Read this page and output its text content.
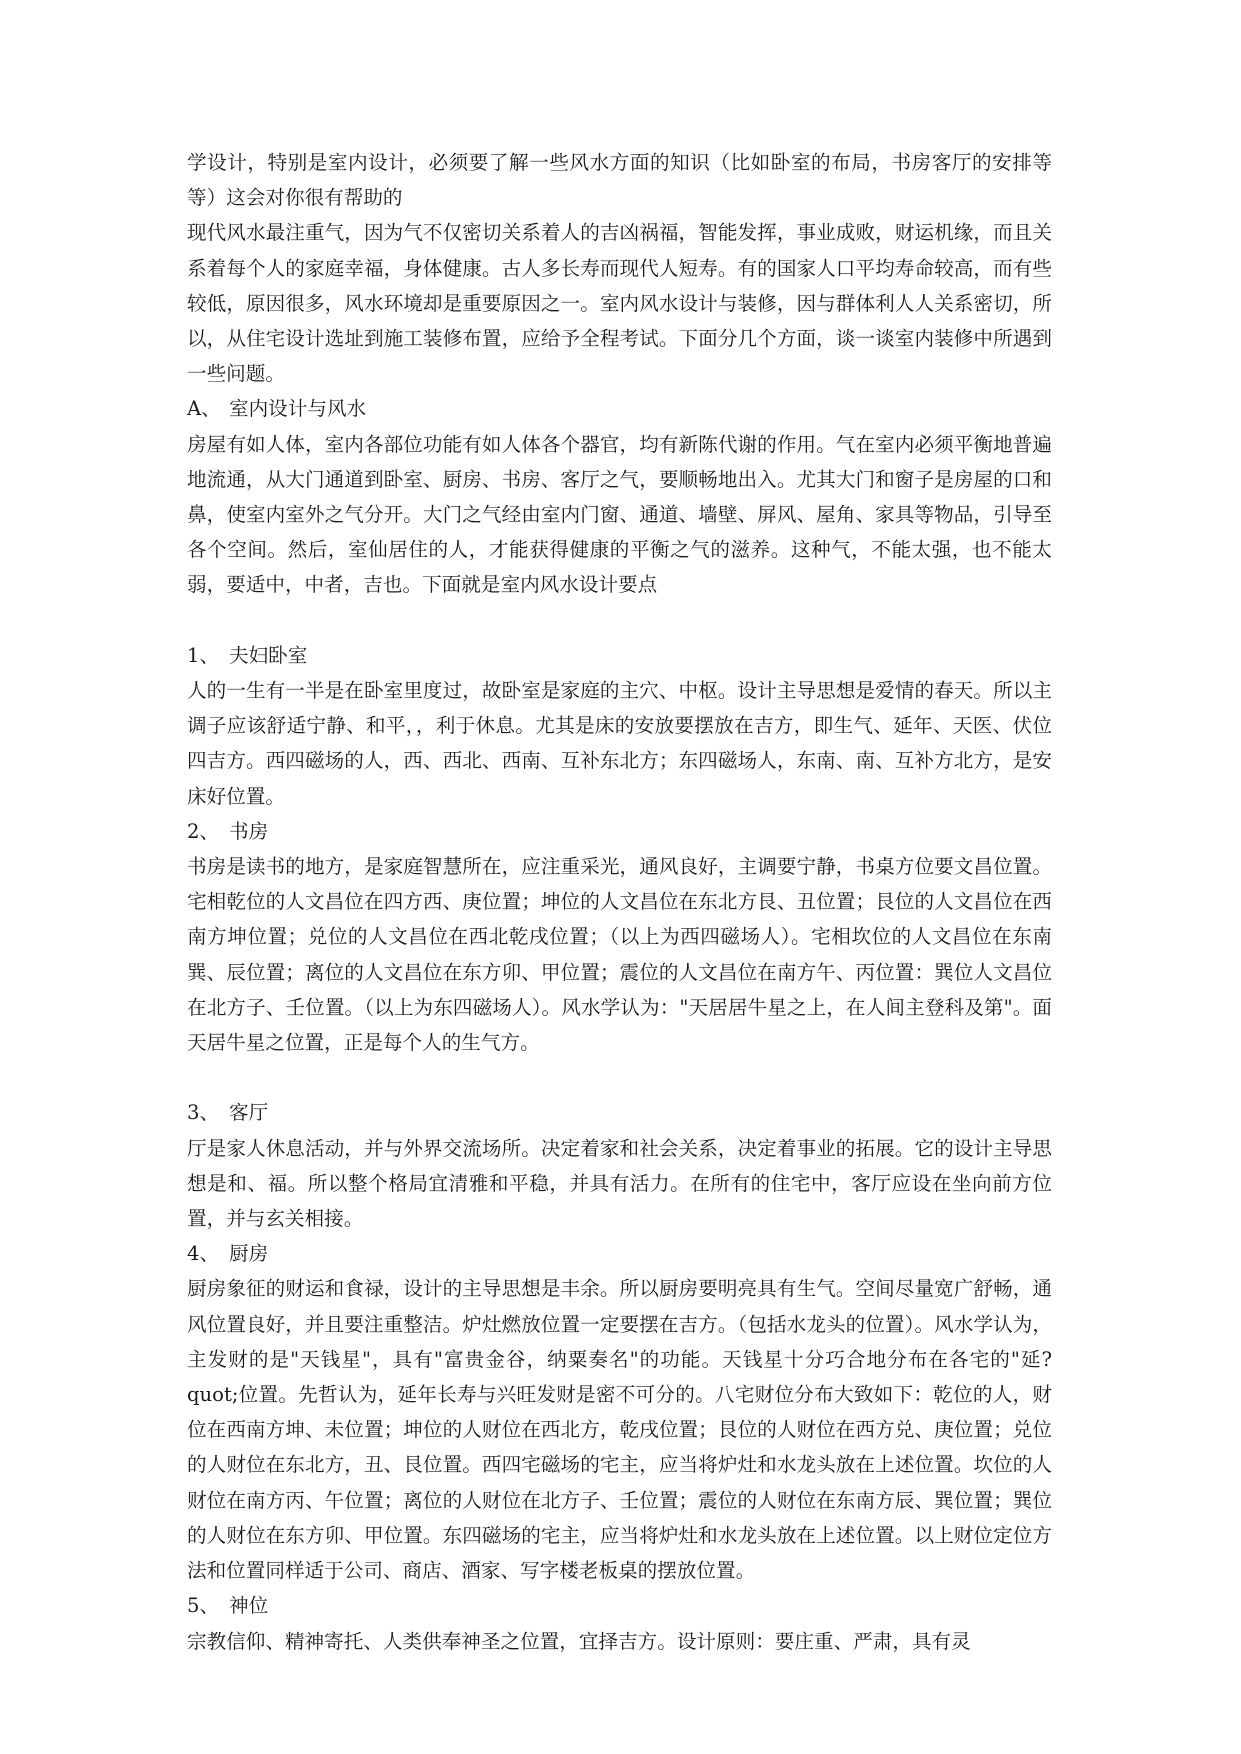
学设计，特别是室内设计，必须要了解一些风水方面的知识（比如卧室的布局，书房客厅的安排等等）这会对你很有帮助的

现代风水最注重气，因为气不仅密切关系着人的吉凶祸福，智能发挥，事业成败，财运机缘，而且关系着每个人的家庭幸福，身体健康。古人多长寿而现代人短寿。有的国家人口平均寿命较高，而有些较低，原因很多，风水环境却是重要原因之一。室内风水设计与装修，因与群体利人人关系密切，所以，从住宅设计选址到施工装修布置，应给予全程考试。下面分几个方面，谈一谈室内装修中所遇到一些问题。

A、 室内设计与风水

房屋有如人体，室内各部位功能有如人体各个器官，均有新陈代谢的作用。气在室内必须平衡地普遍地流通，从大门通道到卧室、厨房、书房、客厅之气，要顺畅地出入。尤其大门和窗子是房屋的口和鼻，使室内室外之气分开。大门之气经由室内门窗、通道、墙壁、屏风、屋角、家具等物品，引导至各个空间。然后，室仙居住的人，才能获得健康的平衡之气的滋养。这种气，不能太强，也不能太弱，要适中，中者，吉也。下面就是室内风水设计要点

1、 夫妇卧室

人的一生有一半是在卧室里度过，故卧室是家庭的主穴、中枢。设计主导思想是爱情的春天。所以主调子应该舒适宁静、和平，，利于休息。尤其是床的安放要摆放在吉方，即生气、延年、天医、伏位四吉方。西四磁场的人，西、西北、西南、互补东北方；东四磁场人，东南、南、互补方北方，是安床好位置。

2、 书房

书房是读书的地方，是家庭智慧所在，应注重采光，通风良好，主调要宁静，书桌方位要文昌位置。宅相乾位的人文昌位在四方西、庚位置；坤位的人文昌位在东北方艮、丑位置；艮位的人文昌位在西南方坤位置；兑位的人文昌位在西北乾戌位置；（以上为西四磁场人）。宅相坎位的人文昌位在东南巽、辰位置；离位的人文昌位在东方卯、甲位置；震位的人文昌位在南方午、丙位置：巽位人文昌位在北方子、壬位置。（以上为东四磁场人）。风水学认为："天居居牛星之上，在人间主登科及第"。面天居牛星之位置，正是每个人的生气方。

3、 客厅

厅是家人休息活动，并与外界交流场所。决定着家和社会关系，决定着事业的拓展。它的设计主导思想是和、福。所以整个格局宜清雅和平稳，并具有活力。在所有的住宅中，客厅应设在坐向前方位置，并与玄关相接。

4、 厨房

厨房象征的财运和食禄，设计的主导思想是丰余。所以厨房要明亮具有生气。空间尽量宽广舒畅，通风位置良好，并且要注重整洁。炉灶燃放位置一定要摆在吉方。（包括水龙头的位置）。风水学认为，主发财的是"天钱星"，具有"富贵金谷，纳粟奏名"的功能。天钱星十分巧合地分布在各宅的"延?quot;位置。先哲认为，延年长寿与兴旺发财是密不可分的。八宅财位分布大致如下：乾位的人，财位在西南方坤、未位置；坤位的人财位在西北方，乾戌位置；艮位的人财位在西方兑、庚位置；兑位的人财位在东北方，丑、艮位置。西四宅磁场的宅主，应当将炉灶和水龙头放在上述位置。坎位的人财位在南方丙、午位置；离位的人财位在北方子、壬位置；震位的人财位在东南方辰、巽位置；巽位的人财位在东方卯、甲位置。东四磁场的宅主，应当将炉灶和水龙头放在上述位置。以上财位定位方法和位置同样适于公司、商店、酒家、写字楼老板桌的摆放位置。

5、 神位

宗教信仰、精神寄托、人类供奉神圣之位置，宜择吉方。设计原则：要庄重、严肃，具有灵
